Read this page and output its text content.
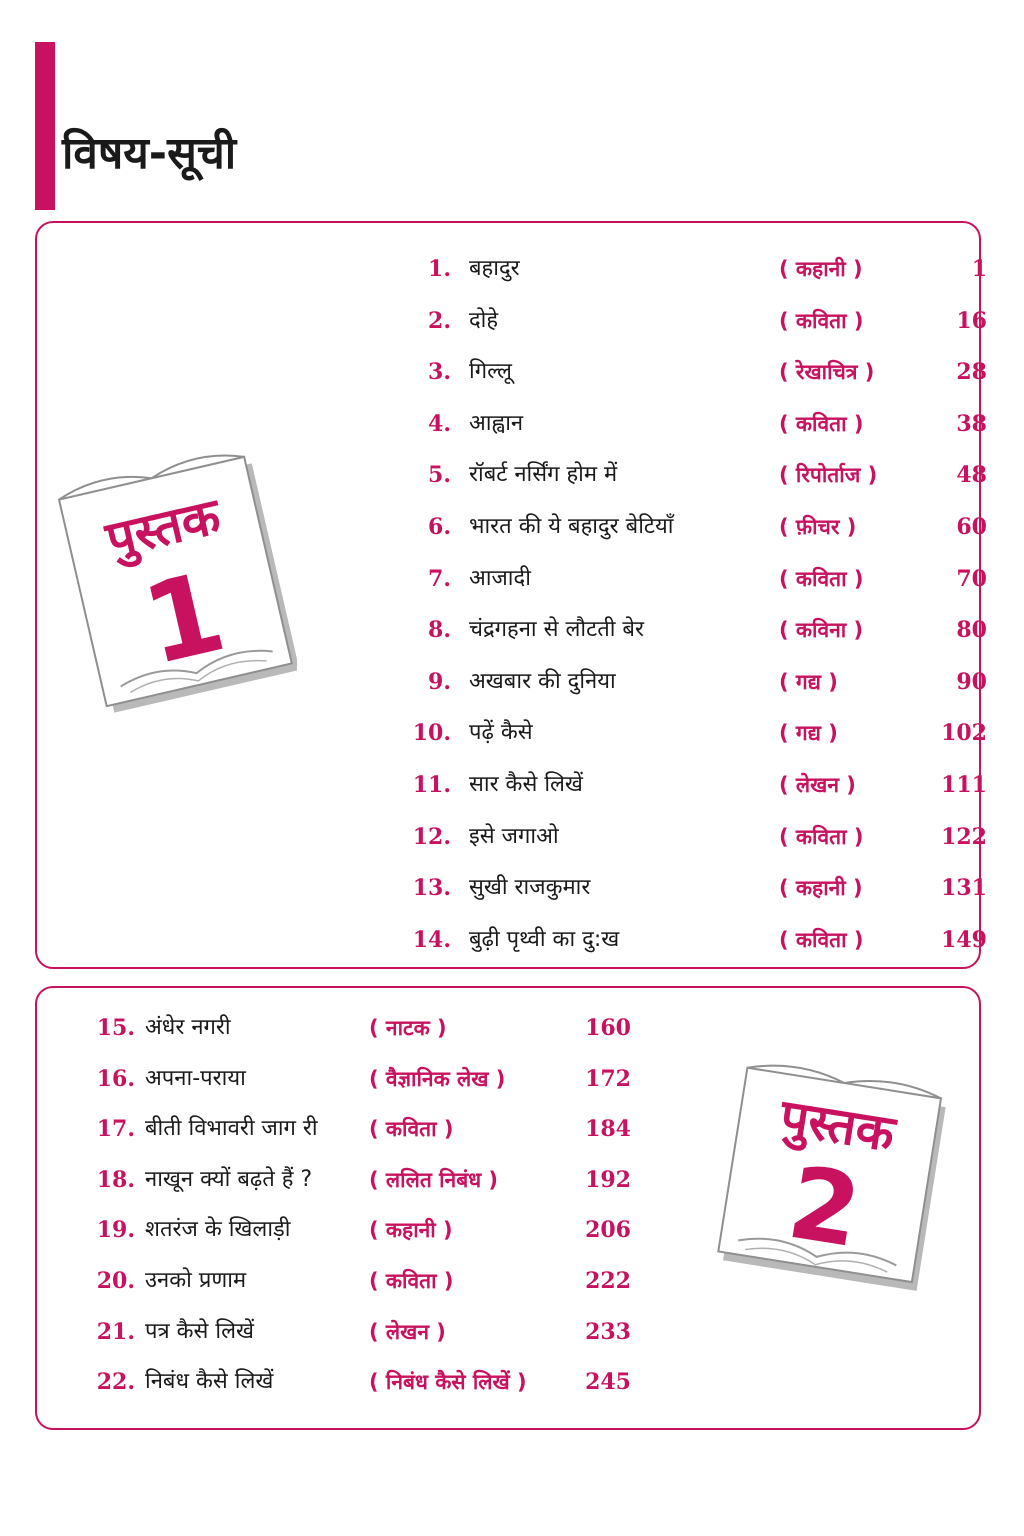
विषय-सूची
पुस्तक
1
1. बहादुर	( कहानी )	1
2. दोहे	( कविता )	16
3. गिल्लू	( रेखाचित्र )	28
4. आह्वान	( कविता )	38
5. रॉबर्ट नर्सिंग होम में	( रिपोर्ताज )	48
6. भारत की ये बहादुर बेटियाँ	( फ़ीचर )	60
7. आजादी	( कविता )	70
8. चंद्रगहना से लौटती बेर	( कविना )	80
9. अखबार की दुनिया	( गद्य )	90
10. पढ़ें कैसे	( गद्य )	102
11. सार कैसे लिखें	( लेखन )	111
12. इसे जगाओ	( कविता )	122
13. सुखी राजकुमार	( कहानी )	131
14. बुढ़ी पृथ्वी का दु:ख	( कविता )	149
पुस्तक
2
15. अंधेर नगरी	( नाटक )	160
16. अपना-पराया	( वैज्ञानिक लेख )	172
17. बीती विभावरी जाग री ( कविता )	184
18. नाखून क्यों बढ़ते हैं ?	( ललित निबंध )	192
19. शतरंज के खिलाड़ी	( कहानी )	206
20. उनको प्रणाम	( कविता )	222
21. पत्र कैसे लिखें	( लेखन )	233
22. निबंध कैसे लिखें	( निबंध कैसे लिखें )	245
